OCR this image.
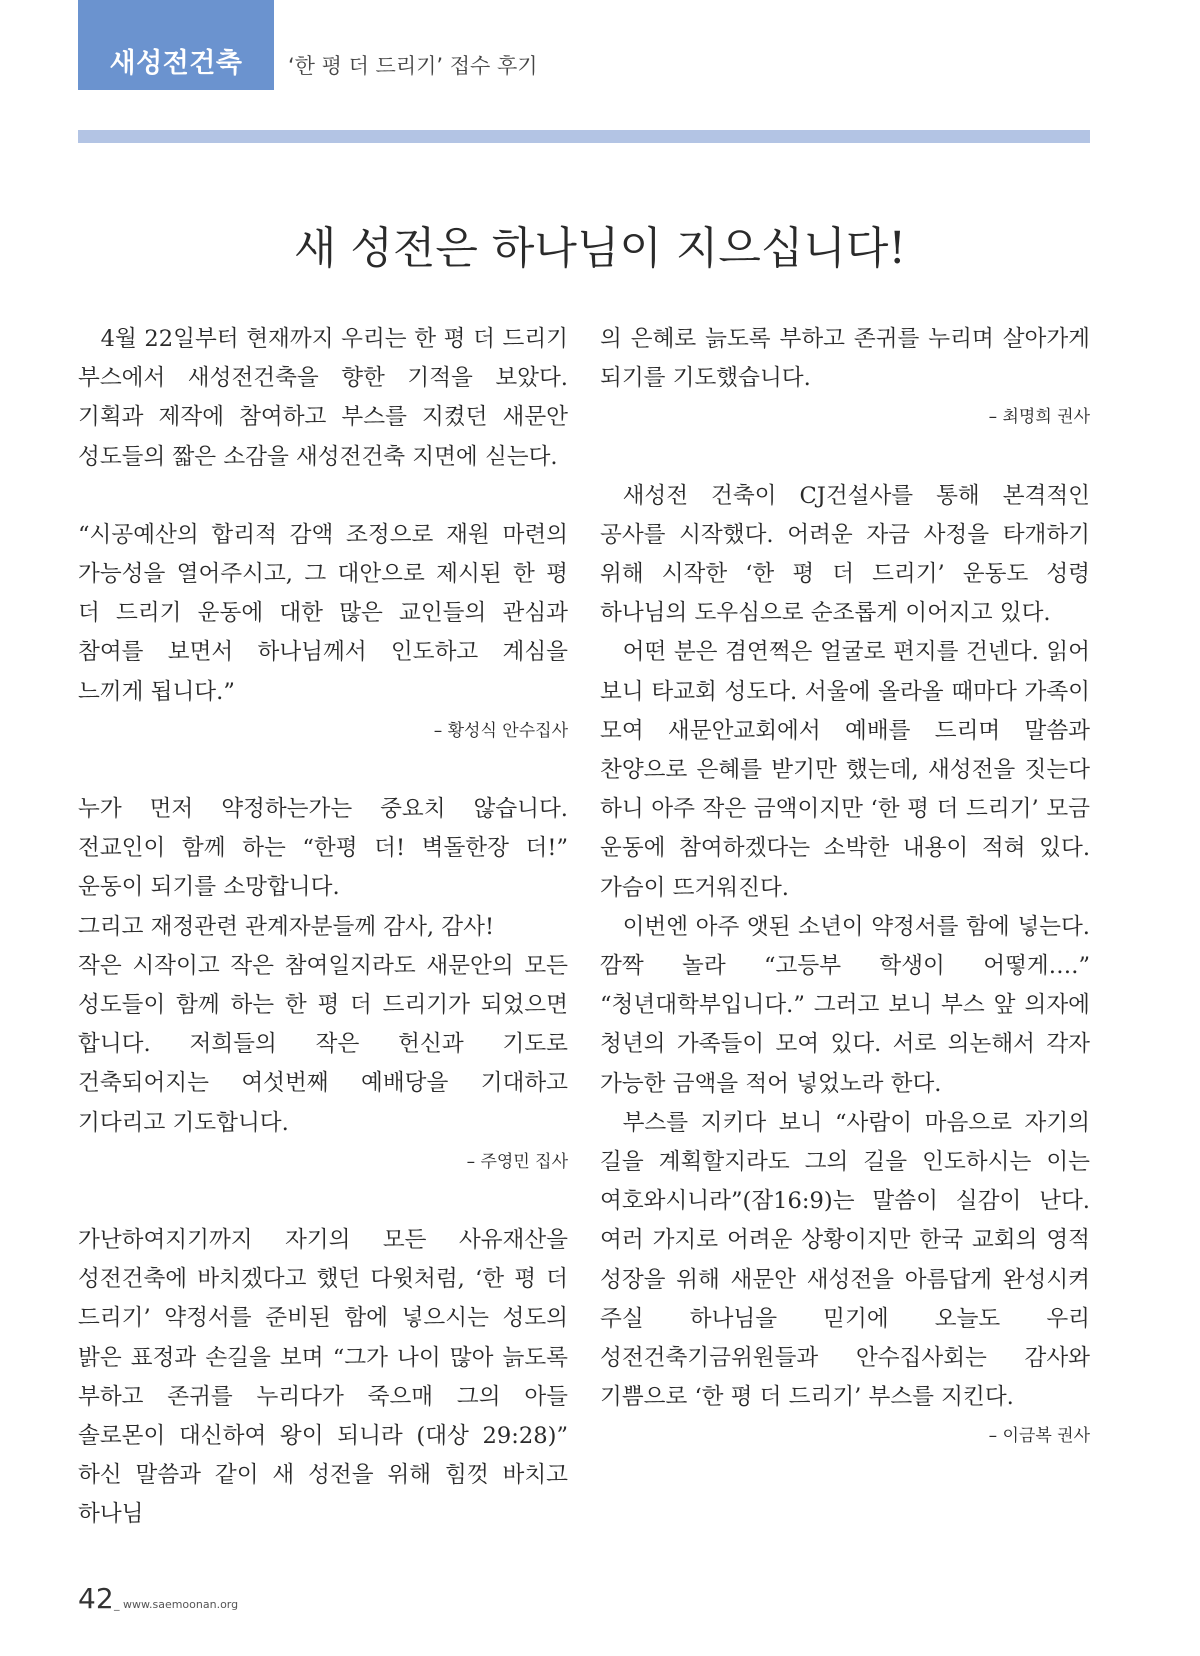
새성전건축	‘한 평 더 드리기’ 접수 후기
새 성전은 하나님이 지으십니다!

4월 22일부터 현재까지 우리는 한 평 더 드리기 부스에서 새성전건축을 향한 기적을 보았다. 기획과 제작에 참여하고 부스를 지켰던 새문안 성도들의 짧은 소감을 새성전건축 지면에 싣는다.

“시공예산의 합리적 감액 조정으로 재원 마련의 가능성을 열어주시고, 그 대안으로 제시된 한 평 더 드리기 운동에 대한 많은 교인들의 관심과 참여를 보면서 하나님께서 인도하고 계심을 느끼게 됩니다.”

– 황성식 안수집사

누가 먼저 약정하는가는 중요치 않습니다. 전교인이 함께 하는 “한평 더! 벽돌한장 더!” 운동이 되기를 소망합니다.

그리고 재정관련 관계자분들께 감사, 감사!

작은 시작이고 작은 참여일지라도 새문안의 모든 성도들이 함께 하는 한 평 더 드리기가 되었으면 합니다. 저희들의 작은 헌신과 기도로 건축되어지는 여섯번째 예배당을 기대하고 기다리고 기도합니다.

– 주영민 집사

가난하여지기까지 자기의 모든 사유재산을 성전건축에 바치겠다고 했던 다윗처럼, ‘한 평 더 드리기’ 약정서를 준비된 함에 넣으시는 성도의 밝은 표정과 손길을 보며 “그가 나이 많아 늙도록 부하고 존귀를 누리다가 죽으매 그의 아들 솔로몬이 대신하여 왕이 되니라 (대상 29:28)” 하신 말씀과 같이 새 성전을 위해 힘껏 바치고 하나님

의 은혜로 늙도록 부하고 존귀를 누리며 살아가게 되기를 기도했습니다.

– 최명희 권사

새성전 건축이 CJ건설사를 통해 본격적인 공사를 시작했다. 어려운 자금 사정을 타개하기 위해 시작한 ‘한 평 더 드리기’ 운동도 성령 하나님의 도우심으로 순조롭게 이어지고 있다.

어떤 분은 겸연쩍은 얼굴로 편지를 건넨다. 읽어 보니 타교회 성도다. 서울에 올라올 때마다 가족이 모여 새문안교회에서 예배를 드리며 말씀과 찬양으로 은혜를 받기만 했는데, 새성전을 짓는다 하니 아주 작은 금액이지만 ‘한 평 더 드리기’ 모금 운동에 참여하겠다는 소박한 내용이 적혀 있다. 가슴이 뜨거워진다.

이번엔 아주 앳된 소년이 약정서를 함에 넣는다. 깜짝 놀라 “고등부 학생이 어떻게….” “청년대학부입니다.” 그러고 보니 부스 앞 의자에 청년의 가족들이 모여 있다. 서로 의논해서 각자 가능한 금액을 적어 넣었노라 한다.

부스를 지키다 보니 “사람이 마음으로 자기의 길을 계획할지라도 그의 길을 인도하시는 이는 여호와시니라”(잠16:9)는 말씀이 실감이 난다. 여러 가지로 어려운 상황이지만 한국 교회의 영적 성장을 위해 새문안 새성전을 아름답게 완성시켜 주실 하나님을 믿기에 오늘도 우리 성전건축기금위원들과 안수집사회는 감사와 기쁨으로 ‘한 평 더 드리기’ 부스를 지킨다.

– 이금복 권사

42 _ www.saemoonan.org
